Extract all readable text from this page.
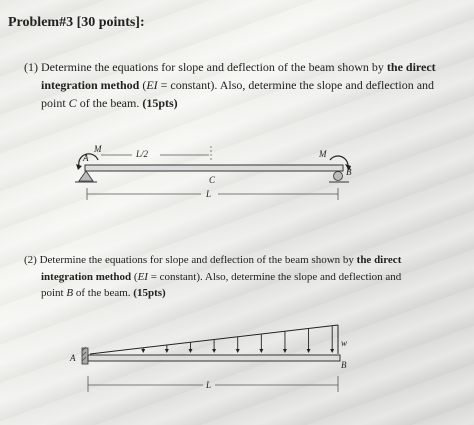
Problem#3 [30 points]:
(1) Determine the equations for slope and deflection of the beam shown by the direct
integration method (EI = constant). Also, determine the slope and deflection and
point C of the beam. (15pts)
M	M
A
B
C
L/2
L
A
B
w
L
(2) Determine the equations for slope and deflection of the beam shown by the direct
integration method (EI = constant). Also, determine the slope and deflection and
point B of the beam. (15pts)
